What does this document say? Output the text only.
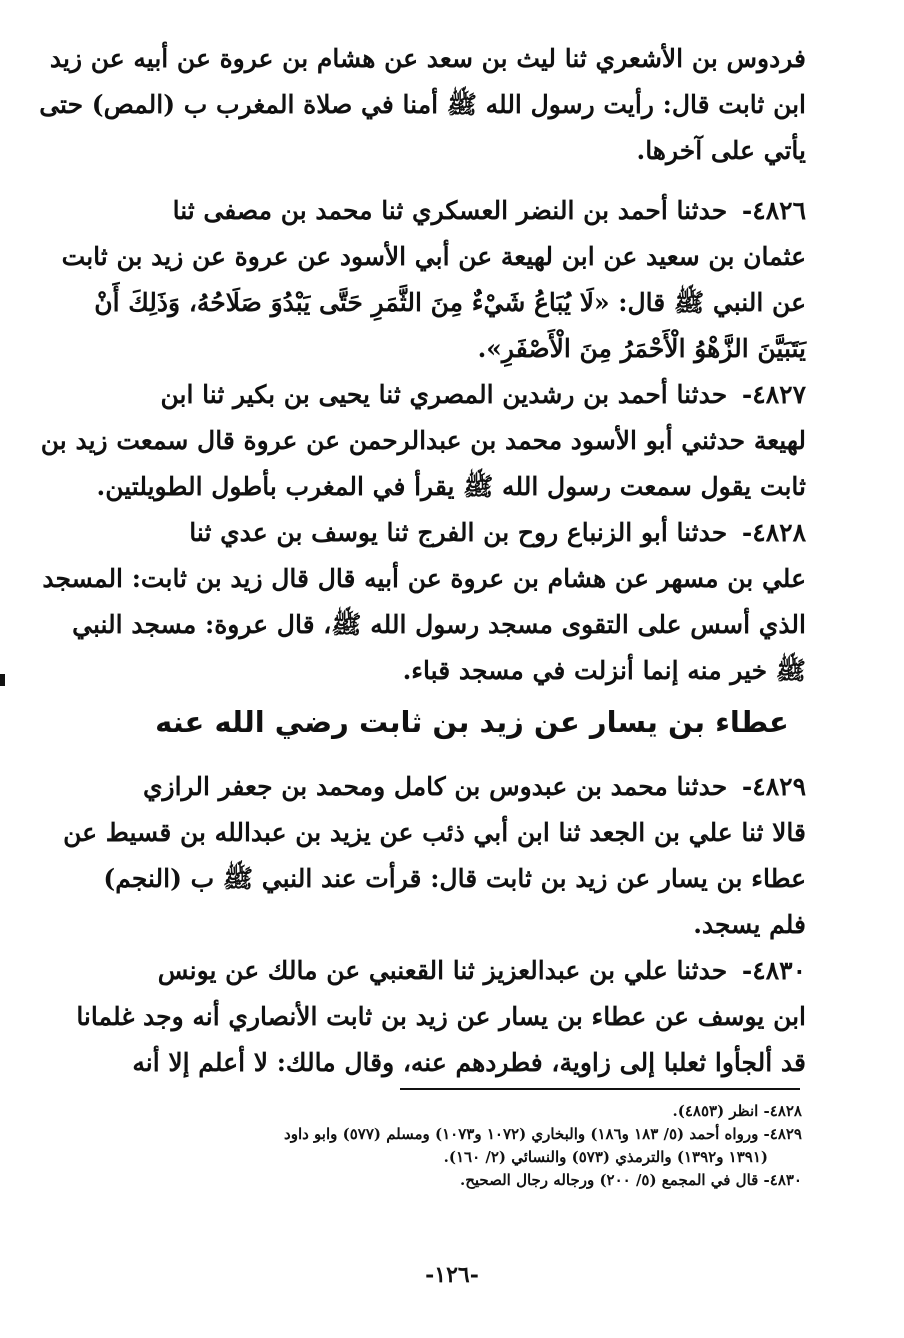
فردوس بن الأشعري ثنا ليث بن سعد عن هشام بن عروة عن أبيه عن زيد
ابن ثابت قال: رأيت رسول الله ﷺ أمنا في صلاة المغرب ب (المص) حتى
يأتي على آخرها.
٤٨٢٦- حدثنا أحمد بن النضر العسكري ثنا محمد بن مصفى ثنا
عثمان بن سعيد عن ابن لهيعة عن أبي الأسود عن عروة عن زيد بن ثابت
عن النبي ﷺ قال: «لَا يُبَاعُ شَيْءٌ مِنَ الثَّمَرِ حَتَّى يَبْدُوَ صَلَاحُهُ، وَذَلِكَ أَنْ
يَتَبَيَّنَ الزَّهْوُ الْأَحْمَرُ مِنَ الْأَصْفَرِ».
٤٨٢٧- حدثنا أحمد بن رشدين المصري ثنا يحيى بن بكير ثنا ابن
لهيعة حدثني أبو الأسود محمد بن عبدالرحمن عن عروة قال سمعت زيد بن
ثابت يقول سمعت رسول الله ﷺ يقرأ في المغرب بأطول الطويلتين.
٤٨٢٨- حدثنا أبو الزنباع روح بن الفرج ثنا يوسف بن عدي ثنا
علي بن مسهر عن هشام بن عروة عن أبيه قال قال زيد بن ثابت: المسجد
الذي أسس على التقوى مسجد رسول الله ﷺ، قال عروة: مسجد النبي
ﷺ خير منه إنما أنزلت في مسجد قباء.
عطاء بن يسار عن زيد بن ثابت رضي الله عنه
٤٨٢٩- حدثنا محمد بن عبدوس بن كامل ومحمد بن جعفر الرازي
قالا ثنا علي بن الجعد ثنا ابن أبي ذئب عن يزيد بن عبدالله بن قسيط عن
عطاء بن يسار عن زيد بن ثابت قال: قرأت عند النبي ﷺ ب (النجم)
فلم يسجد.
٤٨٣٠- حدثنا علي بن عبدالعزيز ثنا القعنبي عن مالك عن يونس
ابن يوسف عن عطاء بن يسار عن زيد بن ثابت الأنصاري أنه وجد غلمانا
قد ألجأوا ثعلبا إلى زاوية، فطردهم عنه، وقال مالك: لا أعلم إلا أنه
٤٨٢٨- انظر (٤٨٥٣).
٤٨٢٩- ورواه أحمد (٥/ ١٨٣ و١٨٦) والبخاري (١٠٧٢ و١٠٧٣) ومسلم (٥٧٧) وابو داود
(١٣٩١ و١٣٩٢) والترمذي (٥٧٣) والنسائي (٢/ ١٦٠).
٤٨٣٠- قال في المجمع (٥/ ٢٠٠) ورجاله رجال الصحيح.
-١٢٦-
